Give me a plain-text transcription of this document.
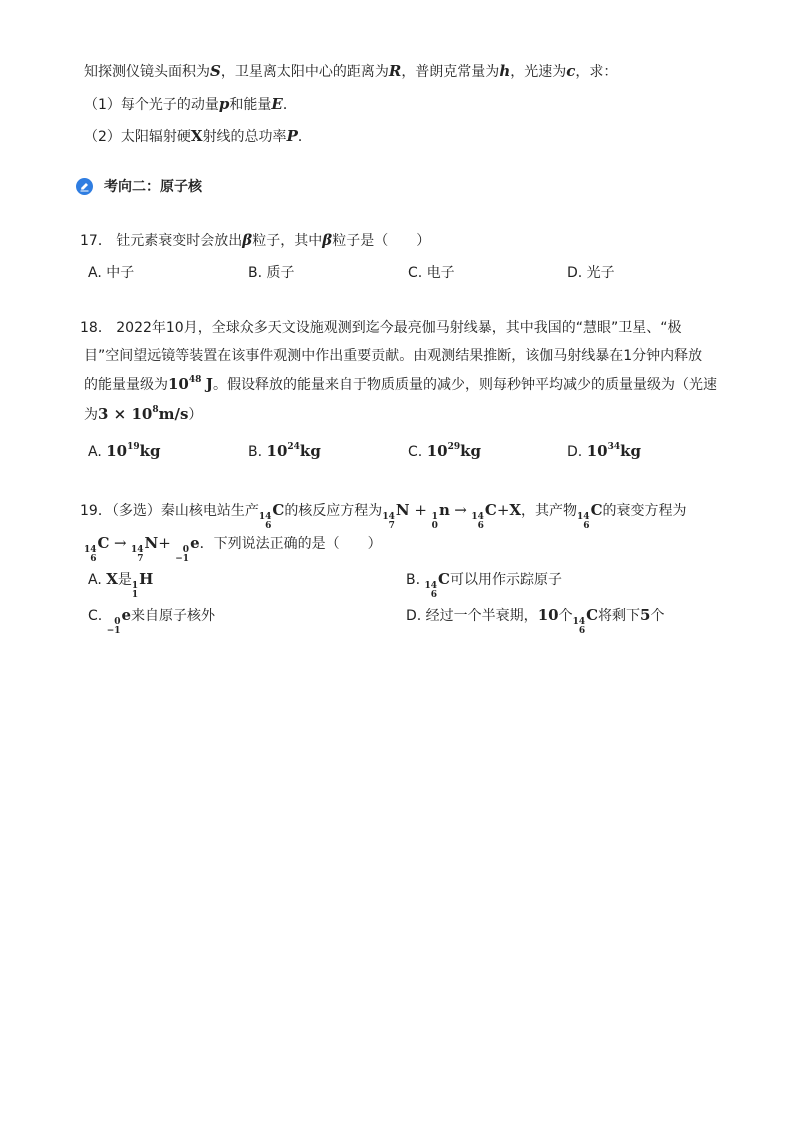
知探测仪镜头面积为S，卫星离太阳中心的距离为R，普朗克常量为h，光速为c，求：
（1）每个光子的动量p和能量E．
（2）太阳辐射硬X射线的总功率P．
考向二：原子核
17． 钍元素衰变时会放出β粒子，其中β粒子是（　　）
A. 中子	B. 质子	C. 电子	D. 光子
18． 2022年10月，全球众多天文设施观测到迄今最亮伽马射线暴，其中我国的“慧眼”卫星、“极
目”空间望远镜等装置在该事件观测中作出重要贡献。由观测结果推断，该伽马射线暴在1分钟内释放
的能量量级为$10^{48}$ J。假设释放的能量来自于物质质量的减少，则每秒钟平均减少的质量量级为（光速
为$3 \times 10^8m/s$）
A. $10^{19}kg$	B. $10^{24}kg$	C. $10^{29}kg$	D. $10^{34}kg$
19．（多选）秦山核电站生产 14
6
C的核反应方程为 14
7
N + 1
0
n → 14
6
C+X，其产物 14
6
C的衰变方程为
14
6
C → 14
7
N+	0
−1
e．下列说法正确的是（　　）
A. X是 1
1
H	B. 14
6
C可以用作示踪原子
C. 0
−1
e来自原子核外	D. 经过一个半衰期，10个 14
6
C将剩下5个
